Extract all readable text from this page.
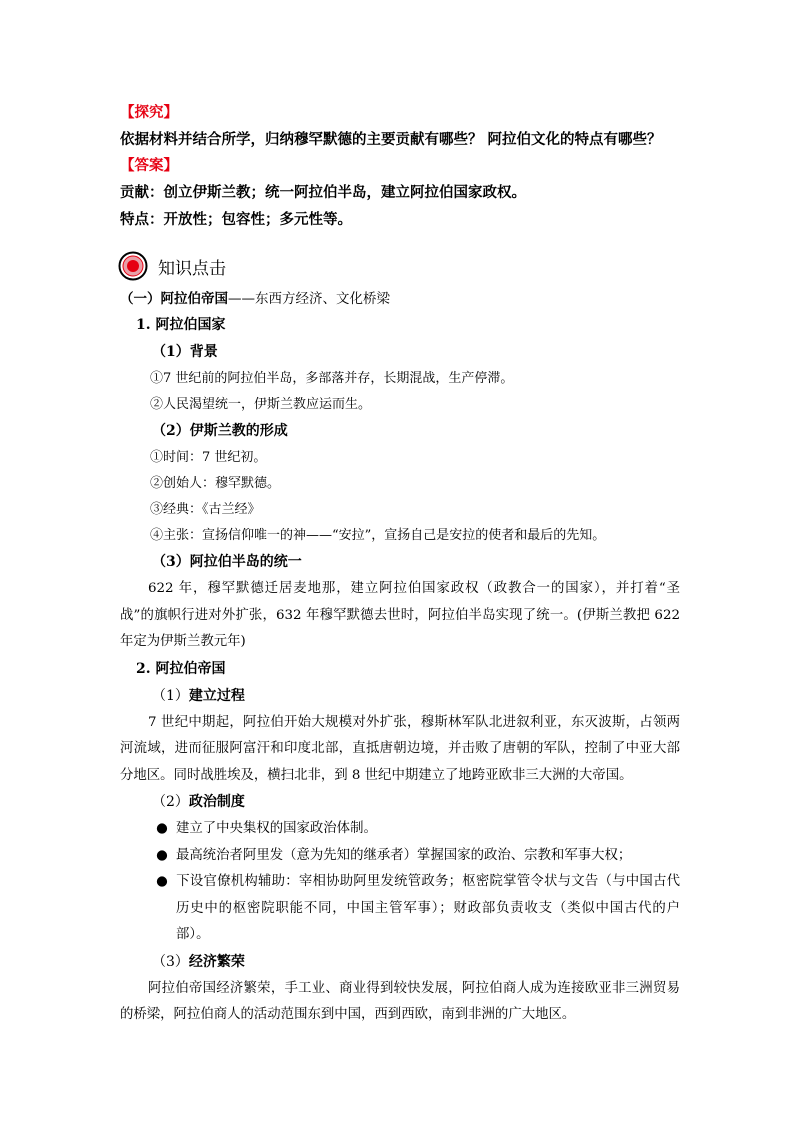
【探究】
依据材料并结合所学，归纳穆罕默德的主要贡献有哪些？ 阿拉伯文化的特点有哪些？
【答案】
贡献：创立伊斯兰教；统一阿拉伯半岛，建立阿拉伯国家政权。
特点：开放性；包容性；多元性等。
知识点击
（一）阿拉伯帝国——东西方经济、文化桥梁
1. 阿拉伯国家
（1）背景
①7 世纪前的阿拉伯半岛，多部落并存，长期混战，生产停滞。
②人民渴望统一，伊斯兰教应运而生。
（2）伊斯兰教的形成
①时间：7 世纪初。
②创始人：穆罕默德。
③经典：《古兰经》
④主张：宣扬信仰唯一的神——“安拉”，宣扬自己是安拉的使者和最后的先知。
（3）阿拉伯半岛的统一

622 年，穆罕默德迁居麦地那，建立阿拉伯国家政权（政教合一的国家），并打着“圣战”的旗帜行进对外扩张，632 年穆罕默德去世时，阿拉伯半岛实现了统一。(伊斯兰教把 622 年定为伊斯兰教元年)

2. 阿拉伯帝国
（1）建立过程

7 世纪中期起，阿拉伯开始大规模对外扩张，穆斯林军队北进叙利亚，东灭波斯，占领两河流域，进而征服阿富汗和印度北部，直抵唐朝边境，并击败了唐朝的军队，控制了中亚大部分地区。同时战胜埃及，横扫北非，到 8 世纪中期建立了地跨亚欧非三大洲的大帝国。

（2）政治制度

● 建立了中央集权的国家政治体制。

● 最高统治者阿里发（意为先知的继承者）掌握国家的政治、宗教和军事大权；

● 下设官僚机构辅助：宰相协助阿里发统管政务；枢密院掌管令状与文告（与中国古代历史中的枢密院职能不同，中国主管军事）；财政部负责收支（类似中国古代的户部）。

（3）经济繁荣

阿拉伯帝国经济繁荣，手工业、商业得到较快发展，阿拉伯商人成为连接欧亚非三洲贸易的桥梁，阿拉伯商人的活动范围东到中国，西到西欧，南到非洲的广大地区。
